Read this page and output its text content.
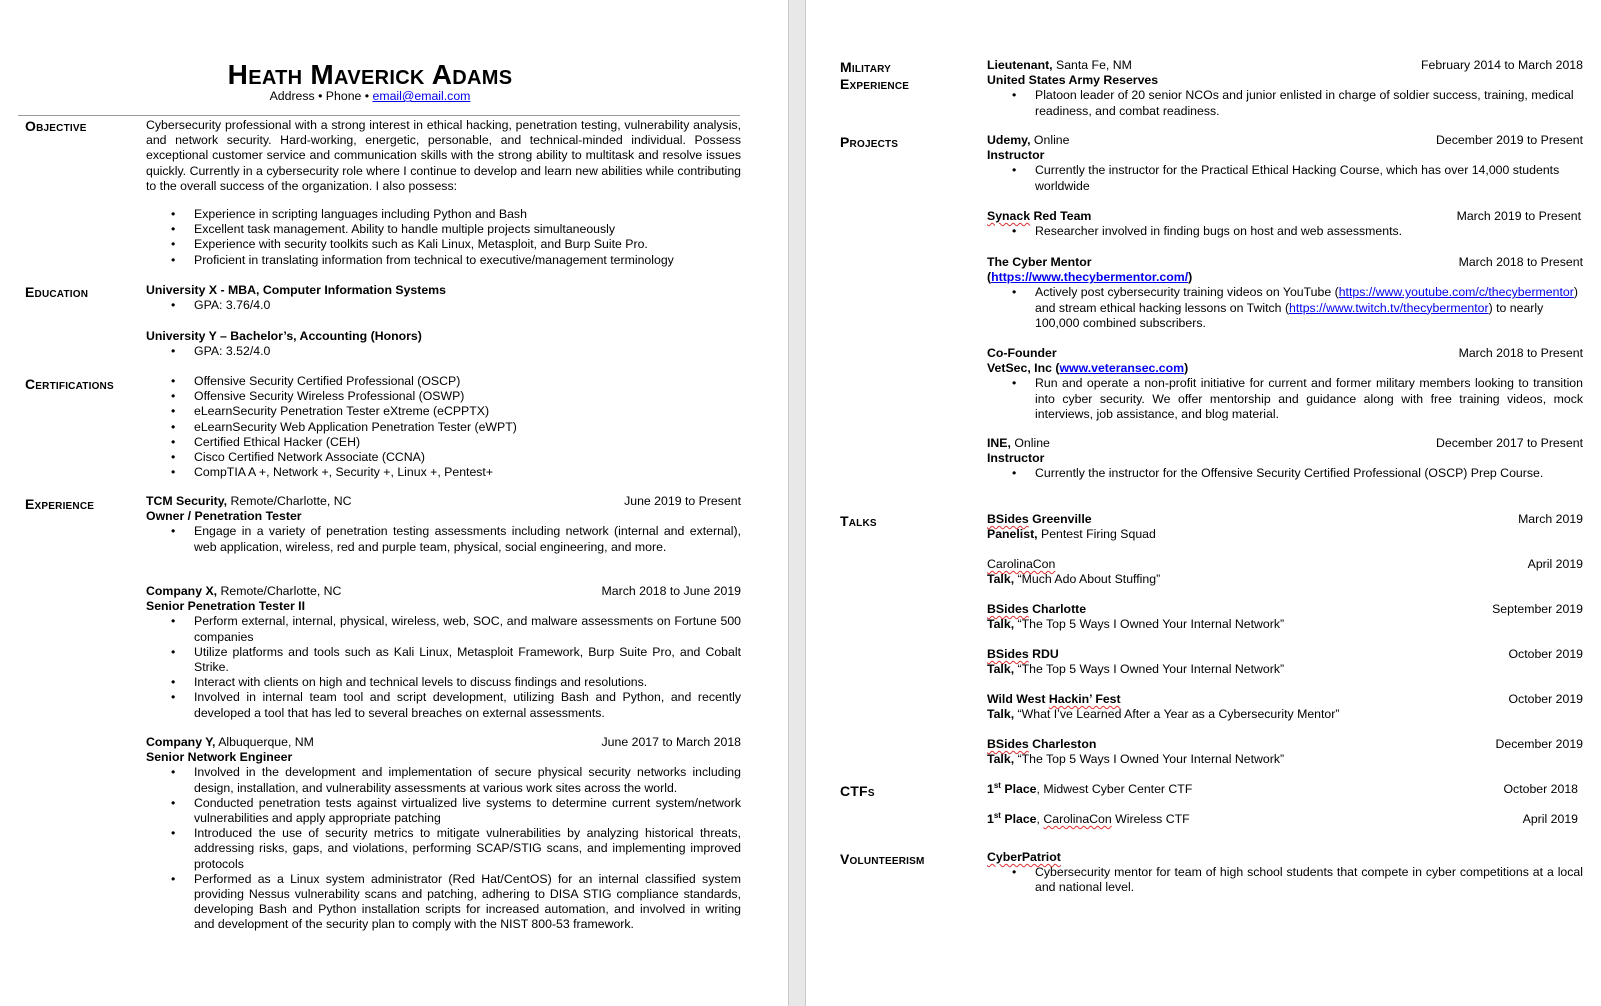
Heath Maverick Adams
Address • Phone • email@email.com
Objective	Cybersecurity professional with a strong interest in ethical hacking, penetration testing, vulnerability analysis, and network security. Hard-working, energetic, personable, and technical-minded individual. Possess exceptional customer service and communication skills with the strong ability to multitask and resolve issues quickly. Currently in a cybersecurity role where I continue to develop and learn new abilities while contributing to the overall success of the organization. I also possess:
• Experience in scripting languages including Python and Bash
• Excellent task management. Ability to handle multiple projects simultaneously
• Experience with security toolkits such as Kali Linux, Metasploit, and Burp Suite Pro.
• Proficient in translating information from technical to executive/management terminology
Education	University X - MBA, Computer Information Systems
• GPA: 3.76/4.0
University Y – Bachelor’s, Accounting (Honors)
• GPA: 3.52/4.0
Certifications
•	Offensive Security Certified Professional (OSCP)
• Offensive Security Wireless Professional (OSWP)
• eLearnSecurity Penetration Tester eXtreme (eCPPTX)
• eLearnSecurity Web Application Penetration Tester (eWPT)
• Certified Ethical Hacker (CEH)
• Cisco Certified Network Associate (CCNA)
• CompTIA A +, Network +, Security +, Linux +, Pentest+
Experience	TCM Security, Remote/Charlotte, NC	June 2019 to Present
Owner / Penetration Tester
• Engage in a variety of penetration testing assessments including network (internal and external), web application, wireless, red and purple team, physical, social engineering, and more.
Company X, Remote/Charlotte, NC	March 2018 to June 2019
Senior Penetration Tester II
• Perform external, internal, physical, wireless, web, SOC, and malware assessments on Fortune 500 companies
• Utilize platforms and tools such as Kali Linux, Metasploit Framework, Burp Suite Pro, and Cobalt Strike.
• Interact with clients on high and technical levels to discuss findings and resolutions.
• Involved in internal team tool and script development, utilizing Bash and Python, and recently developed a tool that has led to several breaches on external assessments.
Company Y, Albuquerque, NM	June 2017 to March 2018
Senior Network Engineer
• Involved in the development and implementation of secure physical security networks including design, installation, and vulnerability assessments at various work sites across the world.
• Conducted penetration tests against virtualized live systems to determine current system/network vulnerabilities and apply appropriate patching
• Introduced the use of security metrics to mitigate vulnerabilities by analyzing historical threats, addressing risks, gaps, and violations, performing SCAP/STIG scans, and implementing improved protocols
• Performed as a Linux system administrator (Red Hat/CentOS) for an internal classified system providing Nessus vulnerability scans and patching, adhering to DISA STIG compliance standards, developing Bash and Python installation scripts for increased automation, and involved in writing and development of the security plan to comply with the NIST 800-53 framework.
Military
Experience
Lieutenant, Santa Fe, NM	February 2014 to March 2018
United States Army Reserves
• Platoon leader of 20 senior NCOs and junior enlisted in charge of soldier success, training, medical readiness, and combat readiness.
Projects	Udemy, Online	December 2019 to Present
Instructor
• Currently the instructor for the Practical Ethical Hacking Course, which has over 14,000 students worldwide
Synack Red Team	March 2019 to Present
• Researcher involved in finding bugs on host and web assessments.
The Cyber Mentor	March 2018 to Present
(https://www.thecybermentor.com/)
• Actively post cybersecurity training videos on YouTube (https://www.youtube.com/c/thecybermentor) and stream ethical hacking lessons on Twitch (https://www.twitch.tv/thecybermentor) to nearly 100,000 combined subscribers.
Co-Founder	March 2018 to Present
VetSec, Inc (www.veteransec.com)
• Run and operate a non-profit initiative for current and former military members looking to transition into cyber security. We offer mentorship and guidance along with free training videos, mock interviews, job assistance, and blog material.
INE, Online	December 2017 to Present
Instructor
• Currently the instructor for the Offensive Security Certified Professional (OSCP) Prep Course.
Talks	BSides Greenville	March 2019
Panelist, Pentest Firing Squad
CarolinaCon	April 2019
Talk, “Much Ado About Stuffing”
BSides Charlotte	September 2019
Talk, “The Top 5 Ways I Owned Your Internal Network”
BSides RDU	October 2019
Talk, “The Top 5 Ways I Owned Your Internal Network”
Wild West Hackin’ Fest	October 2019
Talk, “What I’ve Learned After a Year as a Cybersecurity Mentor”
BSides Charleston	December 2019
Talk, “The Top 5 Ways I Owned Your Internal Network”
CTFs	1st Place, Midwest Cyber Center CTF	October 2018
1st Place, CarolinaCon Wireless CTF	April 2019
Volunteerism	CyberPatriot
• Cybersecurity mentor for team of high school students that compete in cyber competitions at a local and national level.
